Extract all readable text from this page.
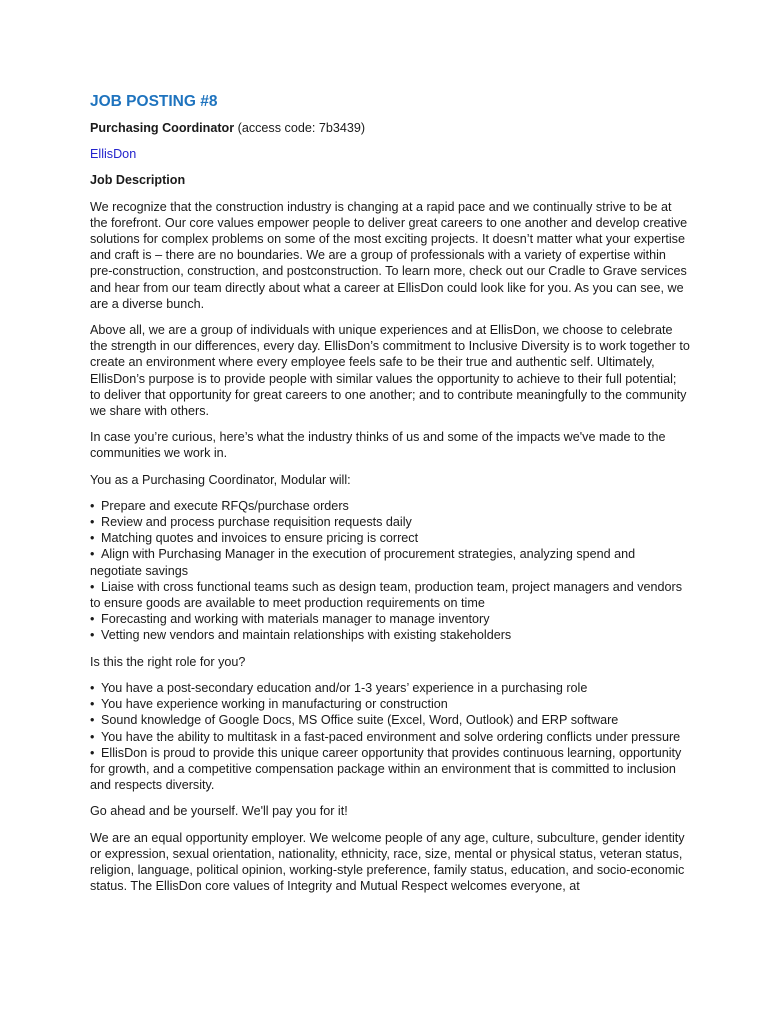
JOB POSTING #8
Purchasing Coordinator (access code: 7b3439)
EllisDon
Job Description

We recognize that the construction industry is changing at a rapid pace and we continually strive to be at the forefront. Our core values empower people to deliver great careers to one another and develop creative solutions for complex problems on some of the most exciting projects. It doesn’t matter what your expertise and craft is – there are no boundaries. We are a group of professionals with a variety of expertise within pre-construction, construction, and postconstruction. To learn more, check out our Cradle to Grave services and hear from our team directly about what a career at EllisDon could look like for you. As you can see, we are a diverse bunch.

Above all, we are a group of individuals with unique experiences and at EllisDon, we choose to celebrate the strength in our differences, every day. EllisDon’s commitment to Inclusive Diversity is to work together to create an environment where every employee feels safe to be their true and authentic self. Ultimately, EllisDon’s purpose is to provide people with similar values the opportunity to achieve to their full potential; to deliver that opportunity for great careers to one another; and to contribute meaningfully to the community we share with others.

In case you’re curious, here’s what the industry thinks of us and some of the impacts we've made to the communities we work in.

You as a Purchasing Coordinator, Modular will:

• Prepare and execute RFQs/purchase orders
• Review and process purchase requisition requests daily
• Matching quotes and invoices to ensure pricing is correct
• Align with Purchasing Manager in the execution of procurement strategies, analyzing spend and negotiate savings
• Liaise with cross functional teams such as design team, production team, project managers and vendors to ensure goods are available to meet production requirements on time
• Forecasting and working with materials manager to manage inventory
• Vetting new vendors and maintain relationships with existing stakeholders

Is this the right role for you?

• You have a post-secondary education and/or 1-3 years’ experience in a purchasing role
• You have experience working in manufacturing or construction
• Sound knowledge of Google Docs, MS Office suite (Excel, Word, Outlook) and ERP software
• You have the ability to multitask in a fast-paced environment and solve ordering conflicts under pressure
• EllisDon is proud to provide this unique career opportunity that provides continuous learning, opportunity for growth, and a competitive compensation package within an environment that is committed to inclusion and respects diversity.

Go ahead and be yourself. We'll pay you for it!

We are an equal opportunity employer. We welcome people of any age, culture, subculture, gender identity or expression, sexual orientation, nationality, ethnicity, race, size, mental or physical status, veteran status, religion, language, political opinion, working-style preference, family status, education, and socio-economic status. The EllisDon core values of Integrity and Mutual Respect welcomes everyone, at
